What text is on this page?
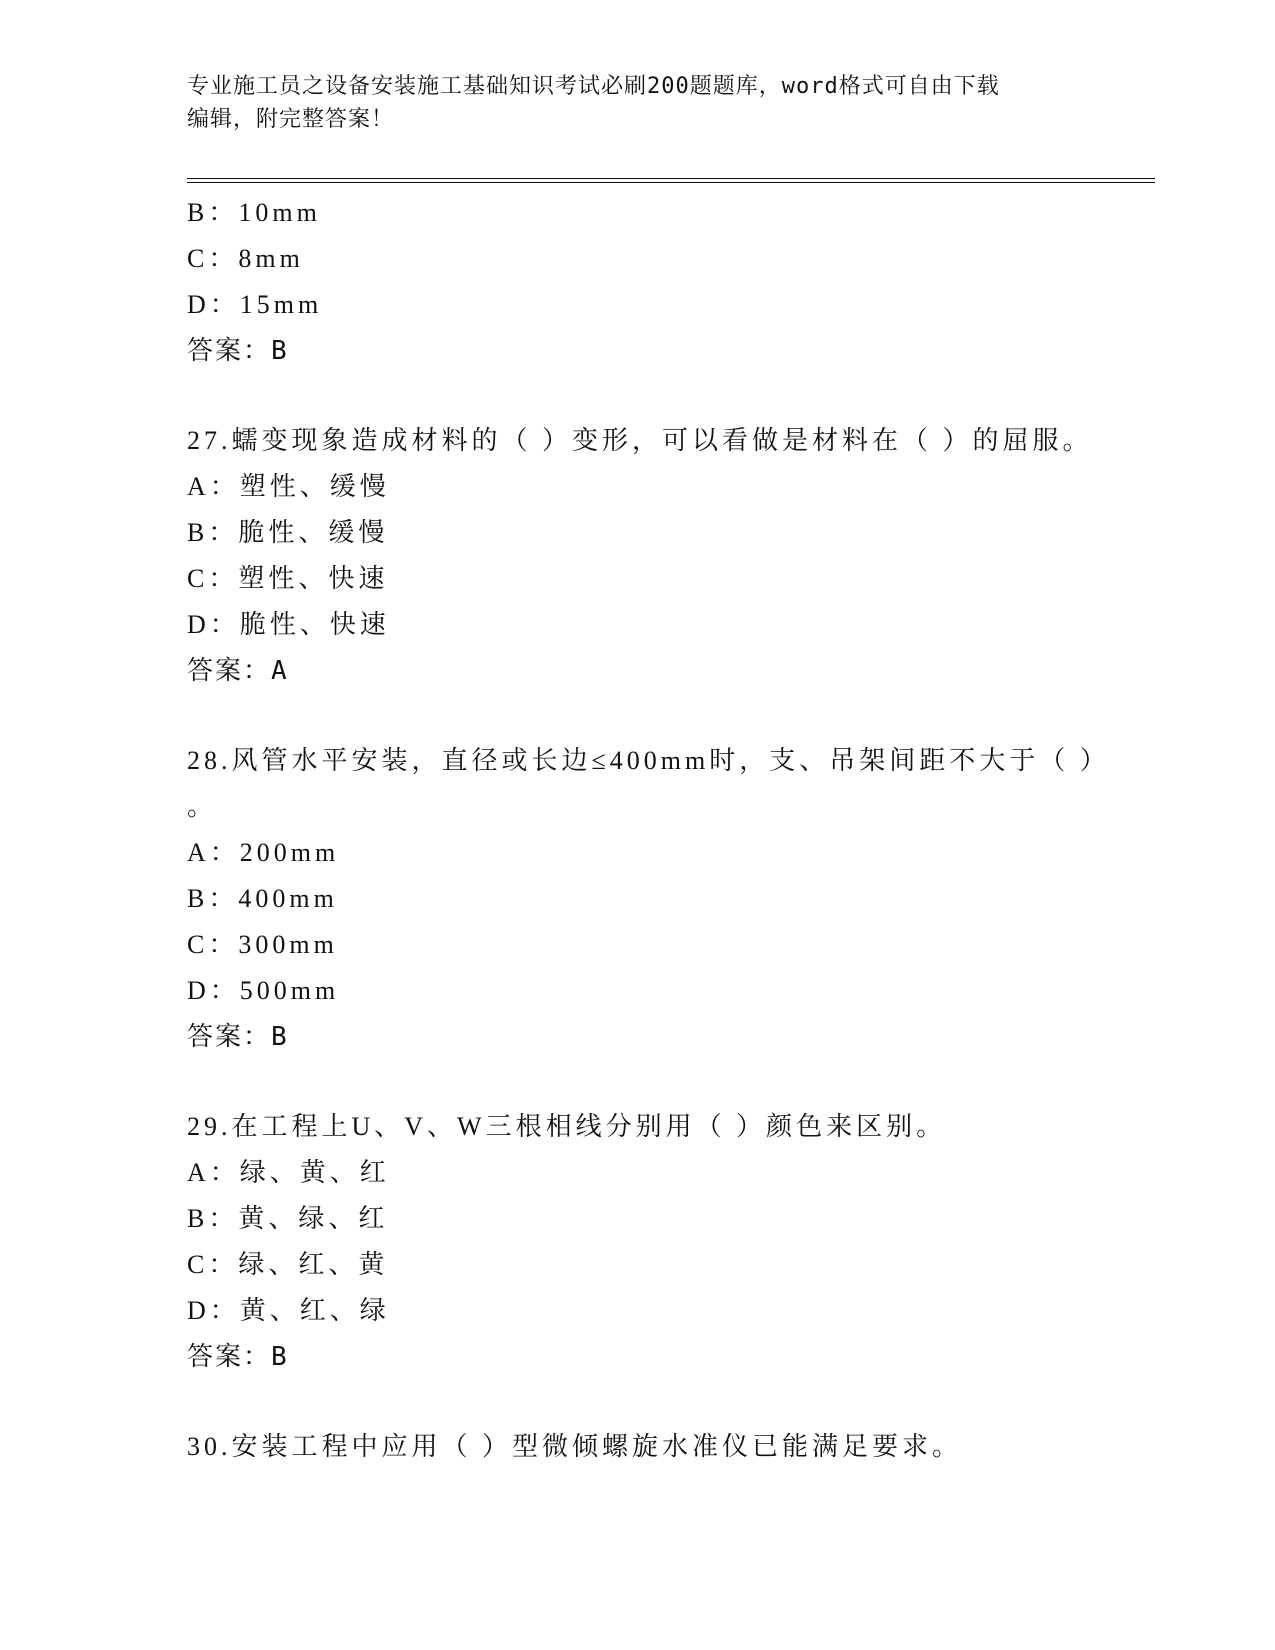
专业施工员之设备安装施工基础知识考试必刷200题题库，word格式可自由下载
编辑，附完整答案！
B：10mm
C：8mm
D：15mm
答案：B
27.蠕变现象造成材料的（ ）变形，可以看做是材料在（ ）的屈服。
A：塑性、缓慢
B：脆性、缓慢
C：塑性、快速
D：脆性、快速
答案：A
28.风管水平安装，直径或长边≤400mm时，支、吊架间距不大于（ ）
。
A：200mm
B：400mm
C：300mm
D：500mm
答案：B
29.在工程上U、V、W三根相线分别用（ ）颜色来区别。
A：绿、黄、红
B：黄、绿、红
C：绿、红、黄
D：黄、红、绿
答案：B
30.安装工程中应用（ ）型微倾螺旋水准仪已能满足要求。
